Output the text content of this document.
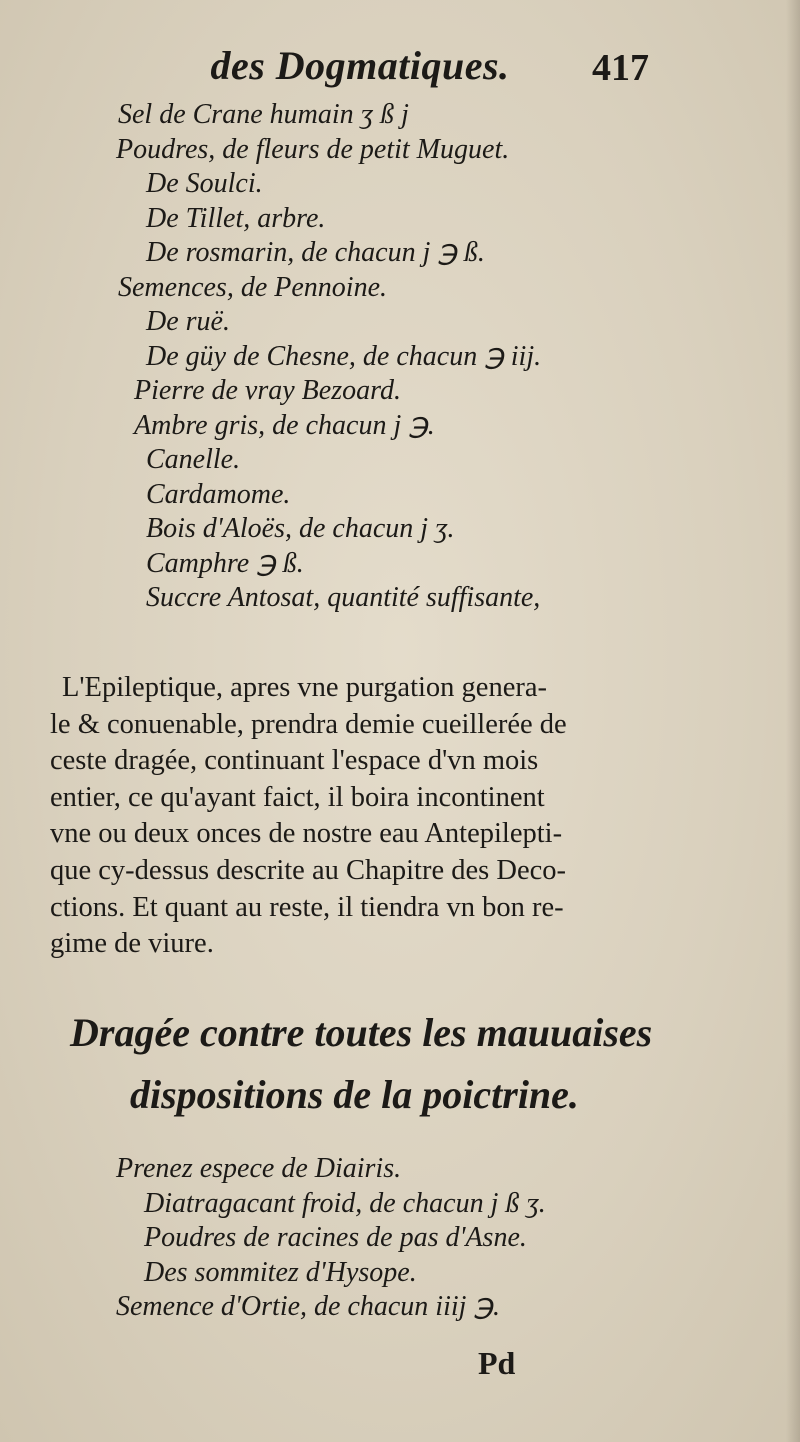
des Dogmatiques.	417
Sel de Crane humain ʒ ß j
Poudres, de fleurs de petit Muguet.
De Soulci.
De Tillet, arbre.
De rosmarin, de chacun j ℈ ß.
Semences, de Pennoine.
De ruë.
De güy de Chesne, de chacun ℈ iij.
Pierre de vray Bezoard.
Ambre gris, de chacun j ℈.
Canelle.
Cardamome.
Bois d'Aloës, de chacun j ʒ.
Camphre ℈ ß.
Succre Antosat, quantité suffisante,
L'Epileptique, apres vne purgation genera-
le & conuenable, prendra demie cueillerée de
ceste dragée, continuant l'espace d'vn mois
entier, ce qu'ayant faict, il boira incontinent
vne ou deux onces de nostre eau Antepilepti-
que cy-dessus descrite au Chapitre des Deco-
ctions. Et quant au reste, il tiendra vn bon re-
gime de viure.
Dragée contre toutes les mauuaises
dispositions de la poictrine.
Prenez espece de Diairis.
Diatragacant froid, de chacun j ß ʒ.
Poudres de racines de pas d'Asne.
Des sommitez d'Hysope.
Semence d'Ortie, de chacun iiij ℈.
Pd
